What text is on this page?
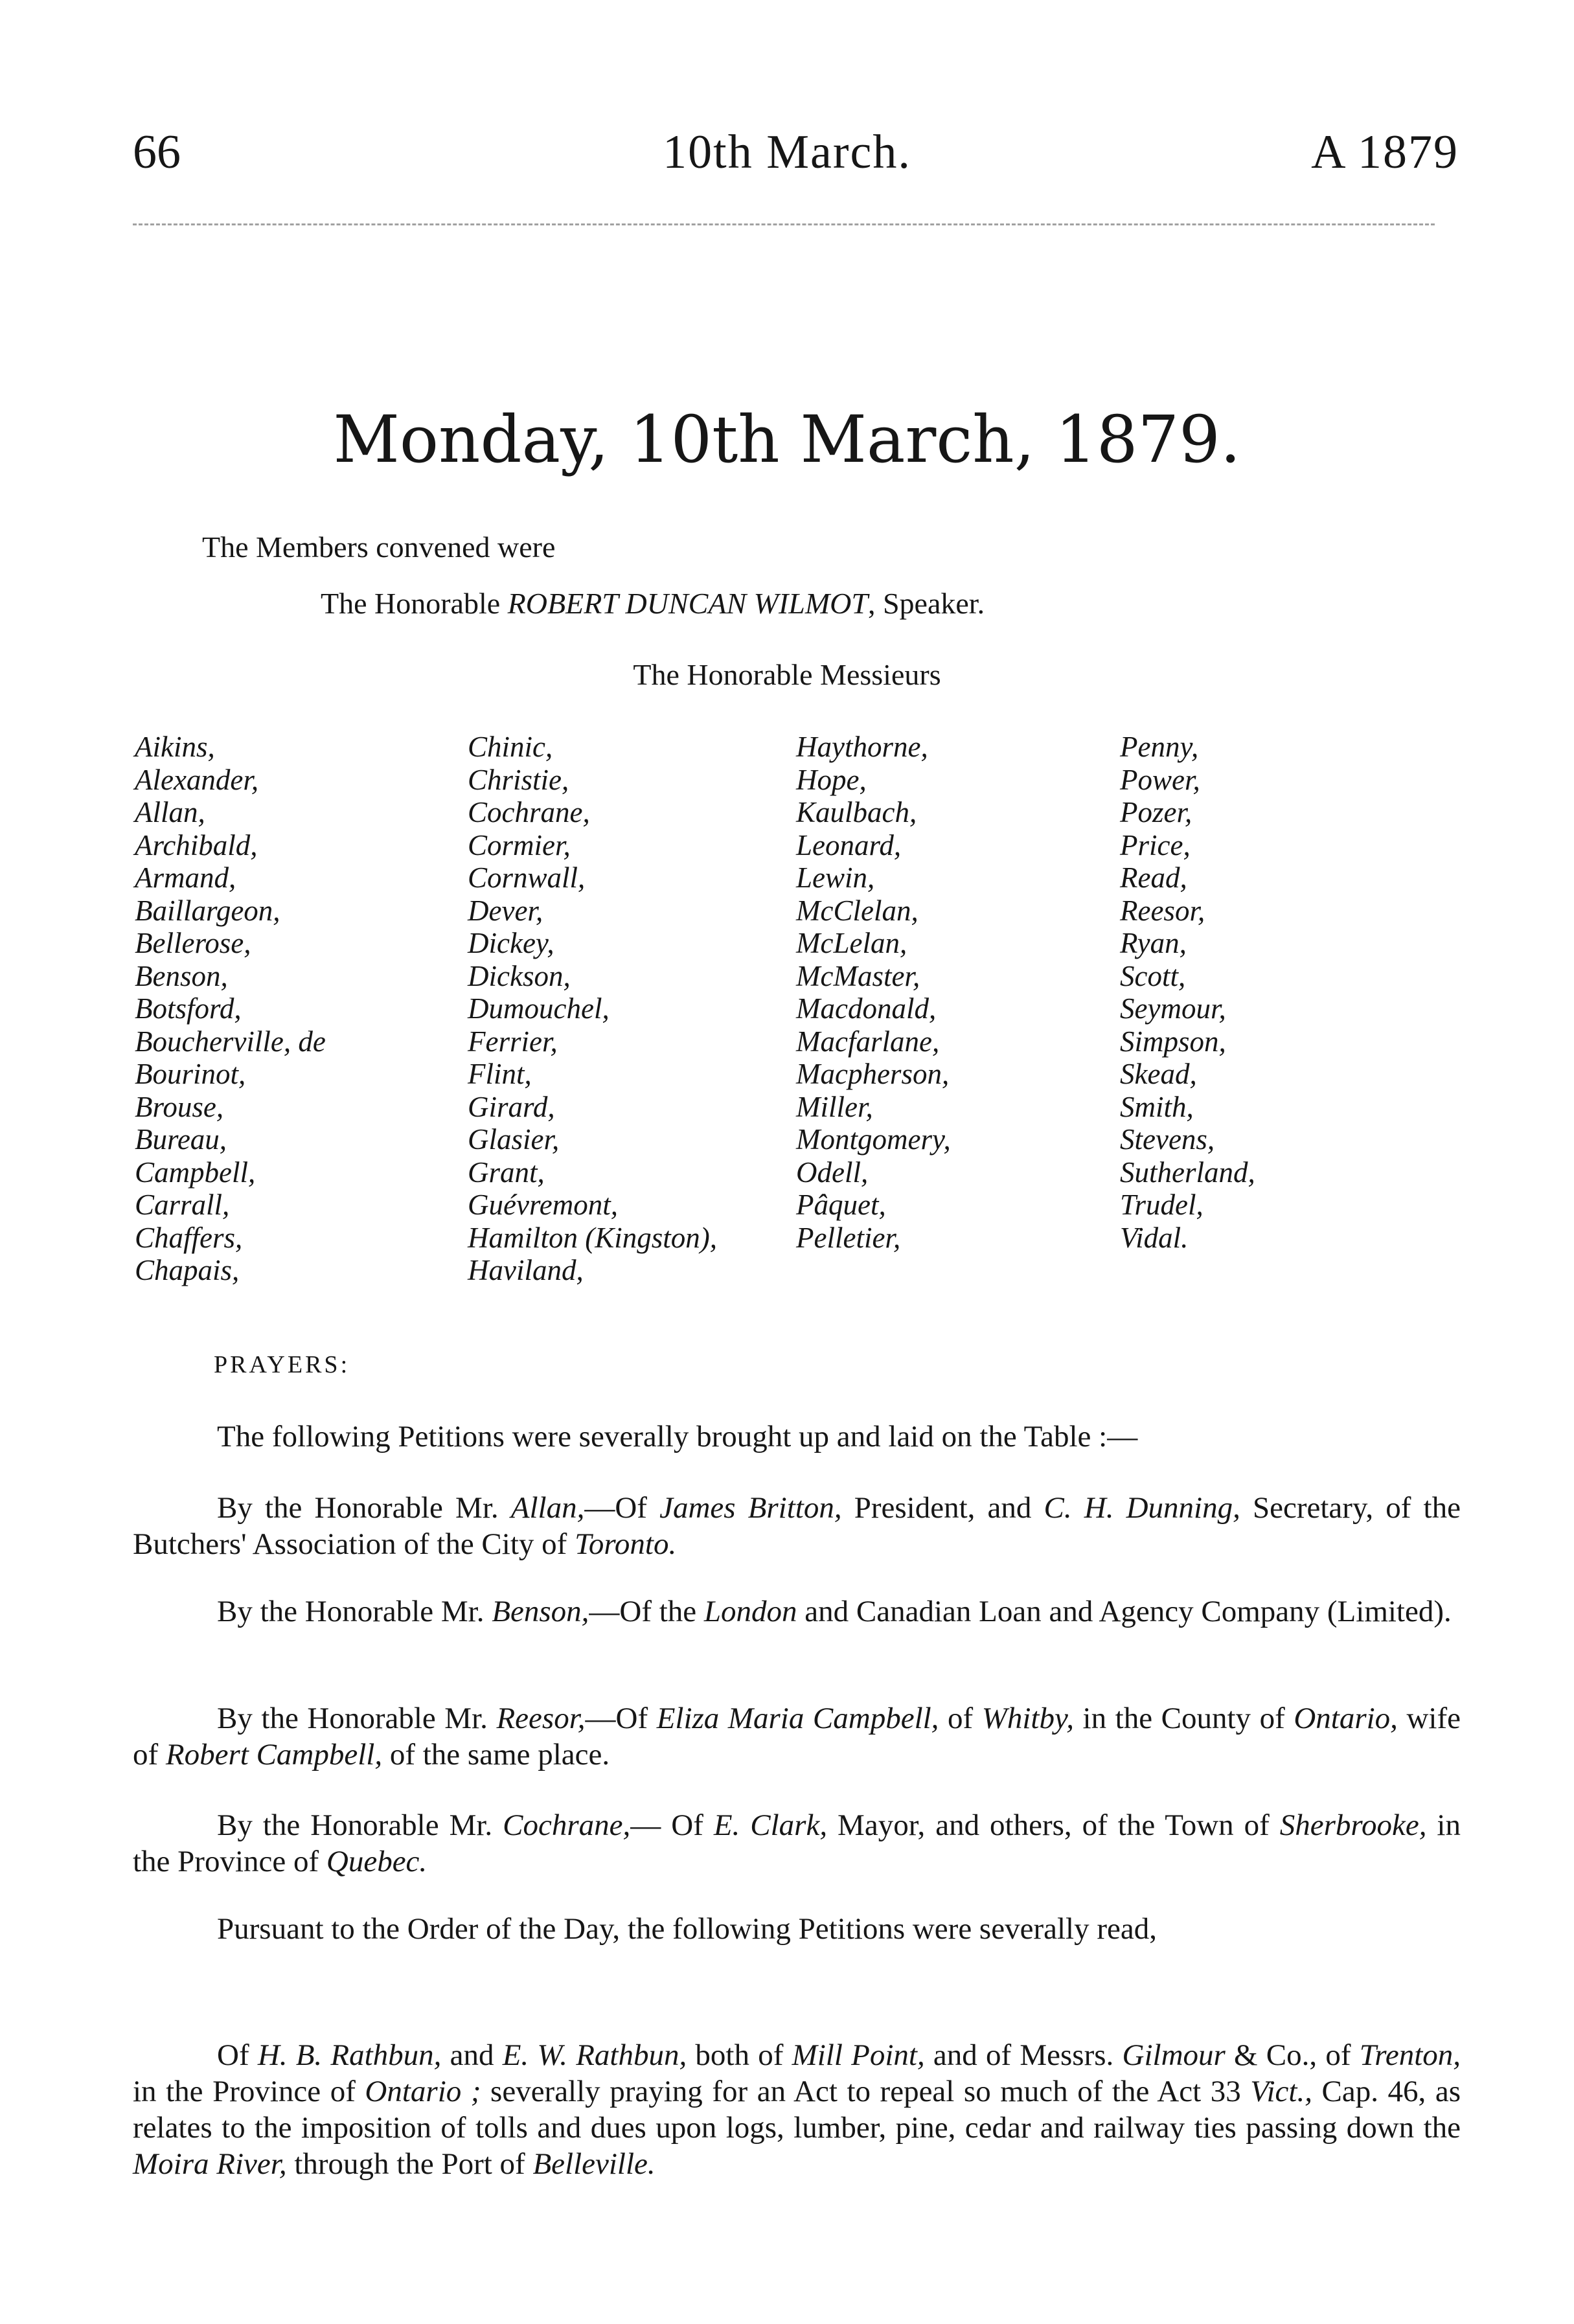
66	10th March.	A 1879
Monday, 10th March, 1879.
The Members convened were
The Honorable ROBERT DUNCAN WILMOT, Speaker.
The Honorable Messieurs
Aikins,
Alexander,
Allan,
Archibald,
Armand,
Baillargeon,
Bellerose,
Benson,
Botsford,
Boucherville, de
Bourinot,
Brouse,
Bureau,
Campbell,
Carrall,
Chaffers,
Chapais,
Chinic,
Christie,
Cochrane,
Cormier,
Cornwall,
Dever,
Dickey,
Dickson,
Dumouchel,
Ferrier,
Flint,
Girard,
Glasier,
Grant,
Guévremont,
Hamilton (Kingston),
Haviland,
Haythorne,
Hope,
Kaulbach,
Leonard,
Lewin,
McClelan,
McLelan,
McMaster,
Macdonald,
Macfarlane,
Macpherson,
Miller,
Montgomery,
Odell,
Pâquet,
Pelletier,
Penny,
Power,
Pozer,
Price,
Read,
Reesor,
Ryan,
Scott,
Seymour,
Simpson,
Skead,
Smith,
Stevens,
Sutherland,
Trudel,
Vidal.
PRAYERS:
The following Petitions were severally brought up and laid on the Table :—
By the Honorable Mr. Allan,—Of James Britton, President, and C. H. Dunning, Secretary, of the Butchers' Association of the City of Toronto.
By the Honorable Mr. Benson,—Of the London and Canadian Loan and Agency Company (Limited).
By the Honorable Mr. Reesor,—Of Eliza Maria Campbell, of Whitby, in the County of Ontario, wife of Robert Campbell, of the same place.
By the Honorable Mr. Cochrane,— Of E. Clark, Mayor, and others, of the Town of Sherbrooke, in the Province of Quebec.
Pursuant to the Order of the Day, the following Petitions were severally read,
Of H. B. Rathbun, and E. W. Rathbun, both of Mill Point, and of Messrs. Gilmour & Co., of Trenton, in the Province of Ontario ; severally praying for an Act to repeal so much of the Act 33 Vict., Cap. 46, as relates to the imposition of tolls and dues upon logs, lumber, pine, cedar and railway ties passing down the Moira River, through the Port of Belleville.
